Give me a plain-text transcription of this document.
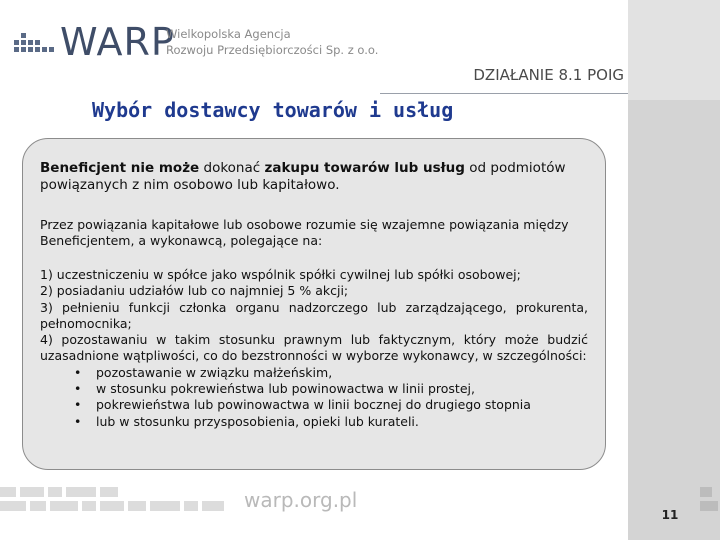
WARP
Wielkopolska Agencja
Rozwoju Przedsiębiorczości Sp. z o.o.
DZIAŁANIE 8.1 POIG
Wybór dostawcy towarów i usług
Beneficjent nie może dokonać zakupu towarów lub usług od podmiotów powiązanych z nim osobowo lub kapitałowo.
Przez powiązania kapitałowe lub osobowe rozumie się wzajemne powiązania między Beneficjentem, a wykonawcą, polegające na:

1) uczestniczeniu w spółce jako wspólnik spółki cywilnej lub spółki osobowej;

2) posiadaniu udziałów lub co najmniej 5 % akcji;

3) pełnieniu funkcji członka organu nadzorczego lub zarządzającego, prokurenta, pełnomocnika;

4) pozostawaniu w takim stosunku prawnym lub faktycznym, który może budzić uzasadnione wątpliwości, co do bezstronności w wyborze wykonawcy, w szczególności:

• pozostawanie w związku małżeńskim,
• w stosunku pokrewieństwa lub powinowactwa w linii prostej,
• pokrewieństwa lub powinowactwa w linii bocznej do drugiego stopnia
• lub w stosunku przysposobienia, opieki lub kurateli.
warp.org.pl
11
